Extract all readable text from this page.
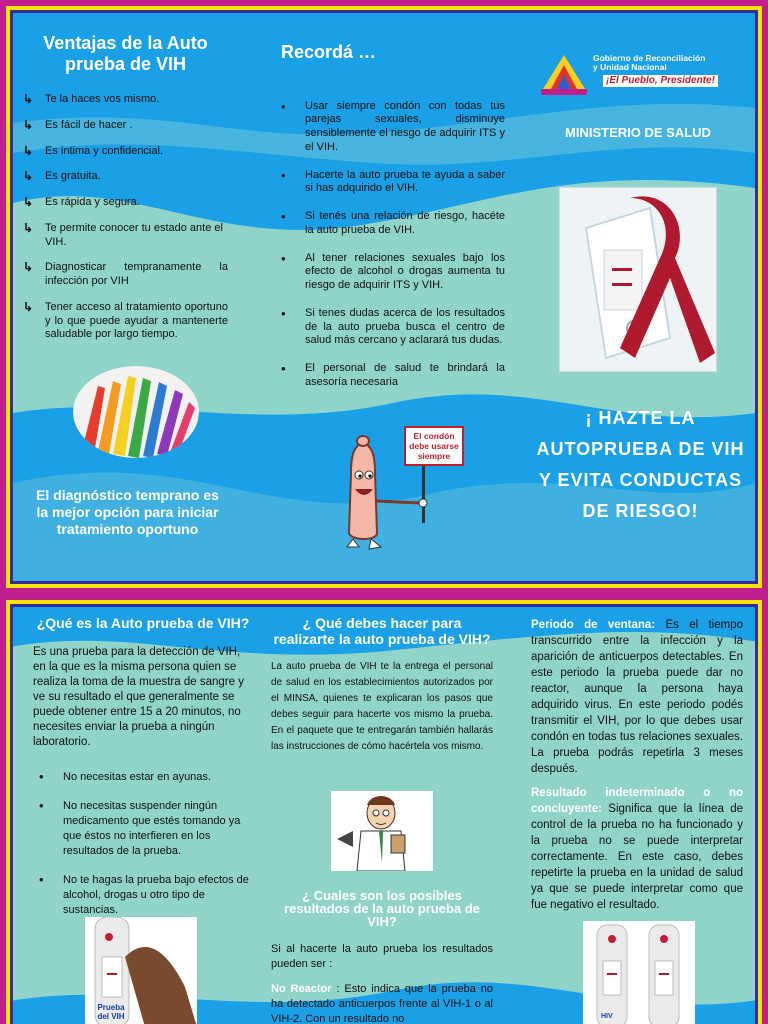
Ventajas de la Auto prueba de VIH
↳ Te la haces vos mismo.
↳ Es fácil de hacer .
↳ Es intima y confidencial.
↳ Es gratuita.
↳ Es rápida y segura.
↳ Te permite conocer tu estado ante el VIH.
↳ Diagnosticar tempranamente la infección por VIH
↳ Tener acceso al tratamiento oportuno y lo que puede ayudar a mantenerte saludable por largo tiempo.
El diagnóstico temprano es la mejor opción para iniciar tratamiento oportuno
Recordá …
• Usar siempre condón con todas tus parejas sexuales, disminuye sensiblemente el riesgo de adquirir ITS y el VIH.
• Hacerte la auto prueba te ayuda a saber si has adquirido el VIH.
• Si tenés una relación de riesgo, hacéte la auto prueba de VIH.
• Al tener relaciones sexuales bajo los efecto de alcohol o drogas aumenta tu riesgo de adquirir ITS y VIH.
• Si tenes dudas acerca de los resultados de la auto prueba busca el centro de salud más cercano y aclarará tus dudas.
• El personal de salud te brindará la asesoría necesaria
El condón debe usarse siempre
Gobierno de Reconciliación
y Unidad Nacional
¡El Pueblo, Presidente!
MINISTERIO DE SALUD
¡ HAZTE LA AUTOPRUEBA DE VIH Y EVITA CONDUCTAS DE RIESGO!
¿Qué es la Auto prueba de VIH?

Es una prueba para la detección de VIH, en la que es la misma persona quien se realiza la toma de la muestra de sangre y ve su resultado el que generalmente se puede obtener entre 15 a 20 minutos, no necesites enviar la prueba a ningún laboratorio.

• No necesitas estar en ayunas.
• No necesitas suspender ningún medicamento que estés tomando ya que éstos no interfieren en los resultados de la prueba.
• No te hagas la prueba bajo efectos de alcohol, drogas u otro tipo de sustancias.
Prueba del VIH
¿ Qué debes hacer para realizarte la auto prueba de VIH?

La auto prueba de VIH te la entrega el personal de salud en los establecimientos autorizados por el MINSA, quienes te explicaran los pasos que debes seguir para hacerte vos mismo la prueba. En el paquete que te entregarán también hallarás las instrucciones de cómo hacértela vos mismo.

¿ Cuales son los posibles resultados de la auto prueba de VIH?

Si al hacerte la auto prueba los resultados pueden ser :

No Reactor : Esto indica que la prueba no ha detectado anticuerpos frente al VIH-1 o al VIH-2. Con un resultado no

Periodo de ventana: Es el tiempo transcurrido entre la infección y la aparición de anticuerpos detectables. En este periodo la prueba puede dar no reactor, aunque la persona haya adquirido virus. En este periodo podés transmitir el VIH, por lo que debes usar condón en todas tus relaciones sexuales. La prueba podrás repetirla 3 meses después.

Resultado indeterminado o no concluyente: Significa que la línea de control de la prueba no ha funcionado y la prueba no se puede interpretar correctamente. En este caso, debes repetirte la prueba en la unidad de salud ya que se puede interpretar como que fue negativo el resultado.

HIV
